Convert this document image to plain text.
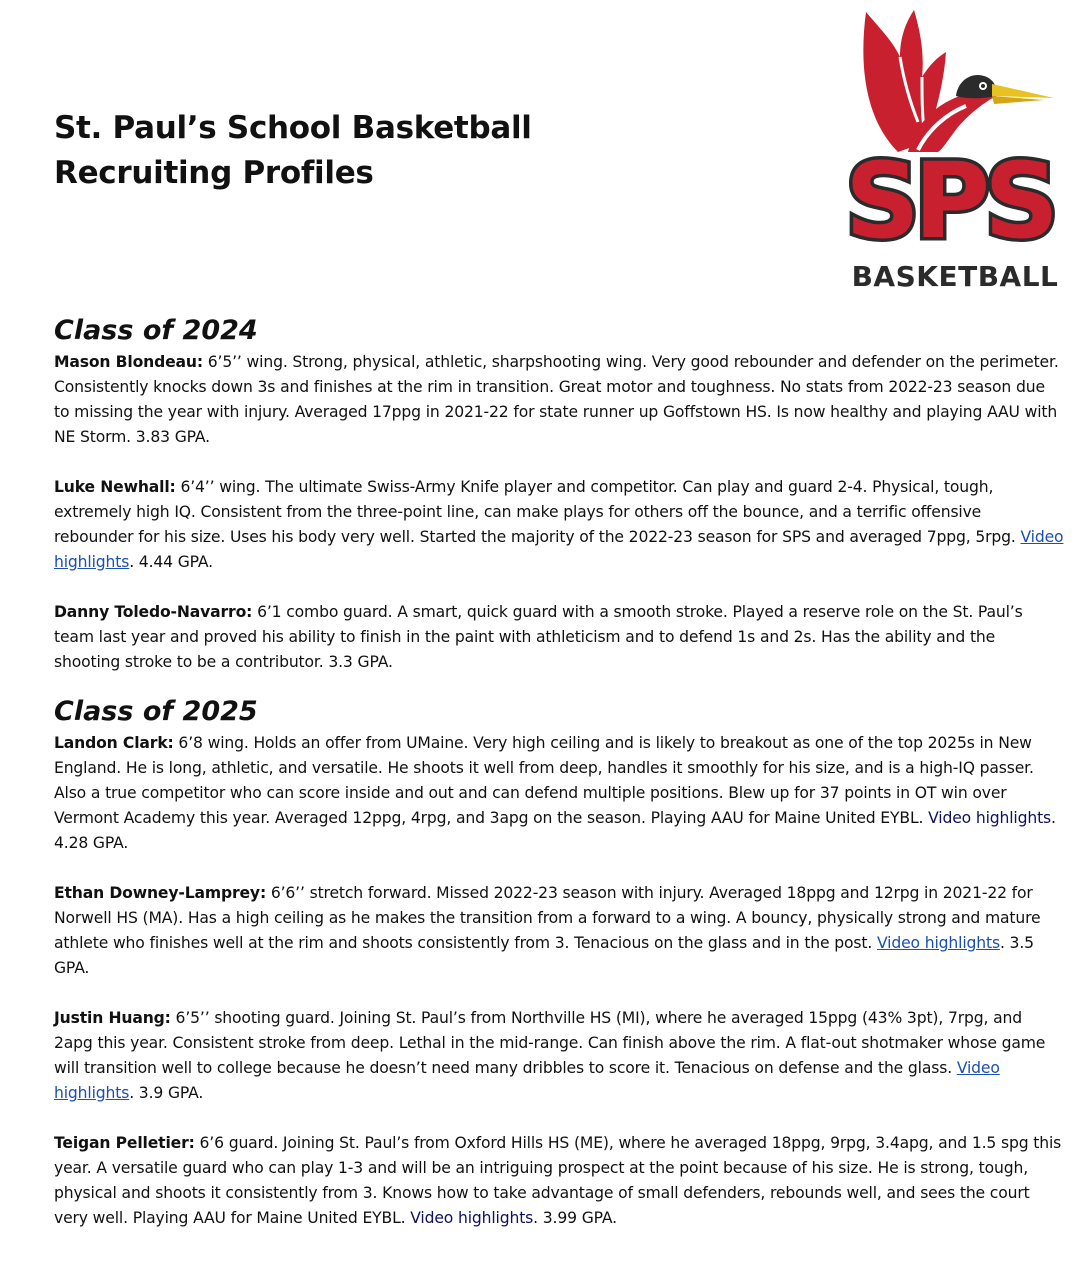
St. Paul’s School Basketball
Recruiting Profiles	SPS
BASKETBALL
Class of 2024

Mason Blondeau: 6’5’’ wing. Strong, physical, athletic, sharpshooting wing. Very good rebounder and defender on the perimeter. Consistently knocks down 3s and finishes at the rim in transition. Great motor and toughness. No stats from 2022-23 season due to missing the year with injury. Averaged 17ppg in 2021-22 for state runner up Goffstown HS. Is now healthy and playing AAU with NE Storm. 3.83 GPA.

Luke Newhall: 6’4’’ wing. The ultimate Swiss-Army Knife player and competitor. Can play and guard 2-4. Physical, tough, extremely high IQ. Consistent from the three-point line, can make plays for others off the bounce, and a terrific offensive rebounder for his size. Uses his body very well. Started the majority of the 2022-23 season for SPS and averaged 7ppg, 5rpg. Video highlights. 4.44 GPA.

Danny Toledo-Navarro: 6’1 combo guard. A smart, quick guard with a smooth stroke. Played a reserve role on the St. Paul’s team last year and proved his ability to finish in the paint with athleticism and to defend 1s and 2s. Has the ability and the shooting stroke to be a contributor. 3.3 GPA.

Class of 2025

Landon Clark: 6’8 wing. Holds an offer from UMaine. Very high ceiling and is likely to breakout as one of the top 2025s in New England. He is long, athletic, and versatile. He shoots it well from deep, handles it smoothly for his size, and is a high-IQ passer. Also a true competitor who can score inside and out and can defend multiple positions. Blew up for 37 points in OT win over Vermont Academy this year. Averaged 12ppg, 4rpg, and 3apg on the season. Playing AAU for Maine United EYBL. Video highlights. 4.28 GPA.

Ethan Downey-Lamprey: 6’6’’ stretch forward. Missed 2022-23 season with injury. Averaged 18ppg and 12rpg in 2021-22 for Norwell HS (MA). Has a high ceiling as he makes the transition from a forward to a wing. A bouncy, physically strong and mature athlete who finishes well at the rim and shoots consistently from 3. Tenacious on the glass and in the post. Video highlights. 3.5 GPA.

Justin Huang: 6’5’’ shooting guard. Joining St. Paul’s from Northville HS (MI), where he averaged 15ppg (43% 3pt), 7rpg, and 2apg this year. Consistent stroke from deep. Lethal in the mid-range. Can finish above the rim. A flat-out shotmaker whose game will transition well to college because he doesn’t need many dribbles to score it. Tenacious on defense and the glass. Video highlights. 3.9 GPA.

Teigan Pelletier: 6’6 guard. Joining St. Paul’s from Oxford Hills HS (ME), where he averaged 18ppg, 9rpg, 3.4apg, and 1.5 spg this year. A versatile guard who can play 1-3 and will be an intriguing prospect at the point because of his size. He is strong, tough, physical and shoots it consistently from 3. Knows how to take advantage of small defenders, rebounds well, and sees the court very well. Playing AAU for Maine United EYBL. Video highlights. 3.99 GPA.
